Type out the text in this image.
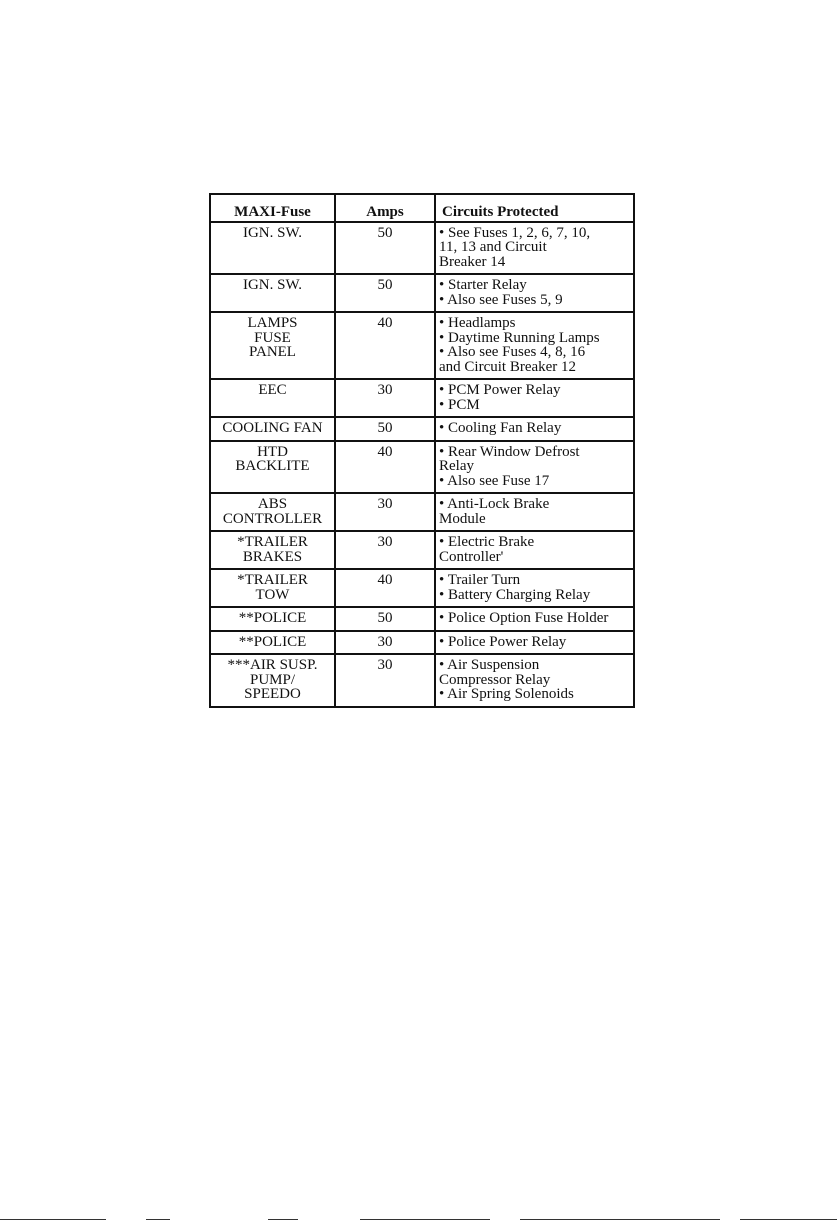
MAXI-Fuse	Amps	Circuits Protected
IGN. SW.	50	• See Fuses 1, 2, 6, 7, 10,
11, 13 and Circuit
Breaker 14

IGN. SW.	50	• Starter Relay
• Also see Fuses 5, 9

LAMPS
FUSE
PANEL	40	• Headlamps
• Daytime Running Lamps
• Also see Fuses 4, 8, 16
and Circuit Breaker 12

EEC	30	• PCM Power Relay
• PCM

COOLING FAN	50	• Cooling Fan Relay

HTD
BACKLITE	40	• Rear Window Defrost
Relay
• Also see Fuse 17

ABS
CONTROLLER	30	• Anti-Lock Brake
Module

*TRAILER
BRAKES	30	• Electric Brake
Controller'

*TRAILER
TOW	40	• Trailer Turn
• Battery Charging Relay

**POLICE	50	• Police Option Fuse Holder

**POLICE	30	• Police Power Relay

***AIR SUSP.
PUMP/
SPEEDO	30	• Air Suspension
Compressor Relay
• Air Spring Solenoids
